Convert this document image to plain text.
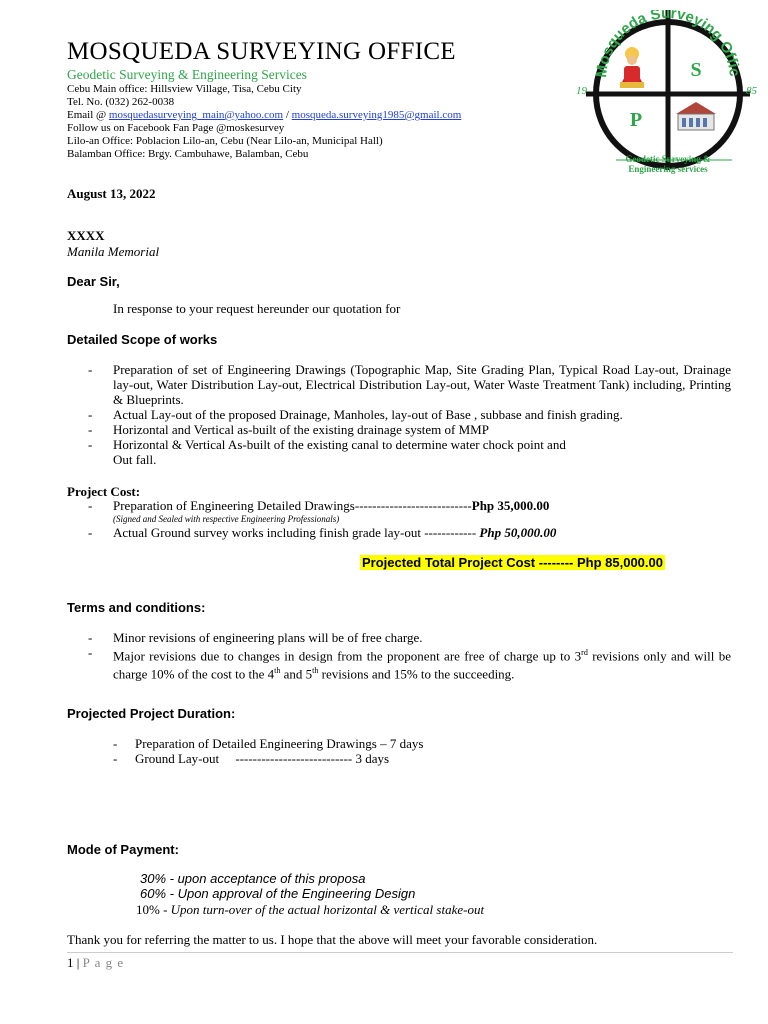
MOSQUEDA SURVEYING OFFICE
Geodetic Surveying & Engineering Services
Cebu Main office: Hillsview Village, Tisa, Cebu City
Tel. No. (032) 262-0038
Email @ mosquedasurveying_main@yahoo.com / mosqueda.surveying1985@gmail.com
Follow us on Facebook Fan Page @moskesurvey
Lilo-an Office: Poblacion Lilo-an, Cebu (Near Lilo-an, Municipal Hall)
Balamban Office: Brgy. Cambuhawe, Balamban, Cebu
Mosqueda Surveying Offic
S
P
19	85
Geodetic Surveying &
Engineering services
August 13, 2022
XXXX
Manila Memorial
Dear Sir,
In response to your request hereunder our quotation for
Detailed Scope of works
- Preparation of set of Engineering Drawings (Topographic Map, Site Grading Plan, Typical Road Lay-out, Drainage lay-out, Water Distribution Lay-out, Electrical Distribution Lay-out, Water Waste Treatment Tank) including, Printing & Blueprints.
- Actual Lay-out of the proposed Drainage, Manholes, lay-out of Base , subbase and finish grading.
- Horizontal and Vertical as-built of the existing drainage system of MMP
- Horizontal & Vertical As-built of the existing canal to determine water chock point and
Out fall.
Project Cost:
- Preparation of Engineering Detailed Drawings---------------------------Php 35,000.00
(Signed and Sealed with respective Engineering Professionals)
- Actual Ground survey works including finish grade lay-out ------------ Php 50,000.00
Projected Total Project Cost -------- Php 85,000.00
Terms and conditions:
- Minor revisions of engineering plans will be of free charge.
- Major revisions due to changes in design from the proponent are free of charge up to 3rd revisions only and will be charge 10% of the cost to the 4th and 5th revisions and 15% to the succeeding.
Projected Project Duration:
- Preparation of Detailed Engineering Drawings – 7 days
- Ground Lay-out     --------------------------- 3 days
Mode of Payment:
30% - upon acceptance of this proposa
60% - Upon approval of the Engineering Design
10% - Upon turn-over of the actual horizontal & vertical stake-out
Thank you for referring the matter to us. I hope that the above will meet your favorable consideration.
1 | P a g e
